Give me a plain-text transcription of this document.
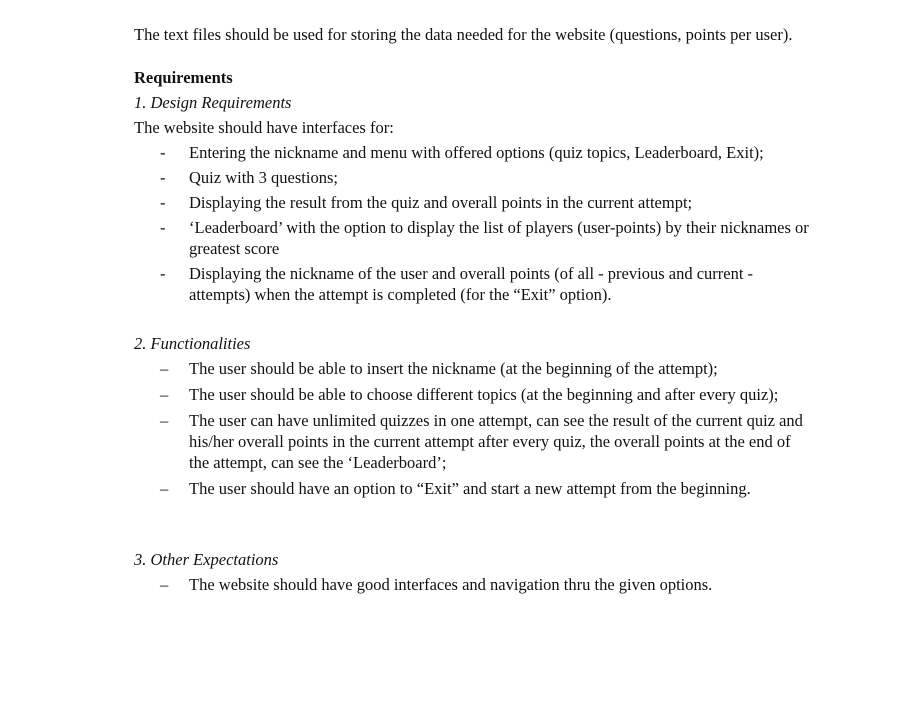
The text files should be used for storing the data needed for the website (questions, points per user).

Requirements

1. Design Requirements

The website should have interfaces for:

- Entering the nickname and menu with offered options (quiz topics, Leaderboard, Exit);
- Quiz with 3 questions;
- Displaying the result from the quiz and overall points in the current attempt;
- ‘Leaderboard’ with the option to display the list of players (user-points) by their nicknames or greatest score
- Displaying the nickname of the user and overall points (of all - previous and current - attempts) when the attempt is completed (for the “Exit” option).

2. Functionalities

– The user should be able to insert the nickname (at the beginning of the attempt);
– The user should be able to choose different topics (at the beginning and after every quiz);
– The user can have unlimited quizzes in one attempt, can see the result of the current quiz and his/her overall points in the current attempt after every quiz, the overall points at the end of the attempt, can see the ‘Leaderboard’;
– The user should have an option to “Exit” and start a new attempt from the beginning.

3. Other Expectations

– The website should have good interfaces and navigation thru the given options.
